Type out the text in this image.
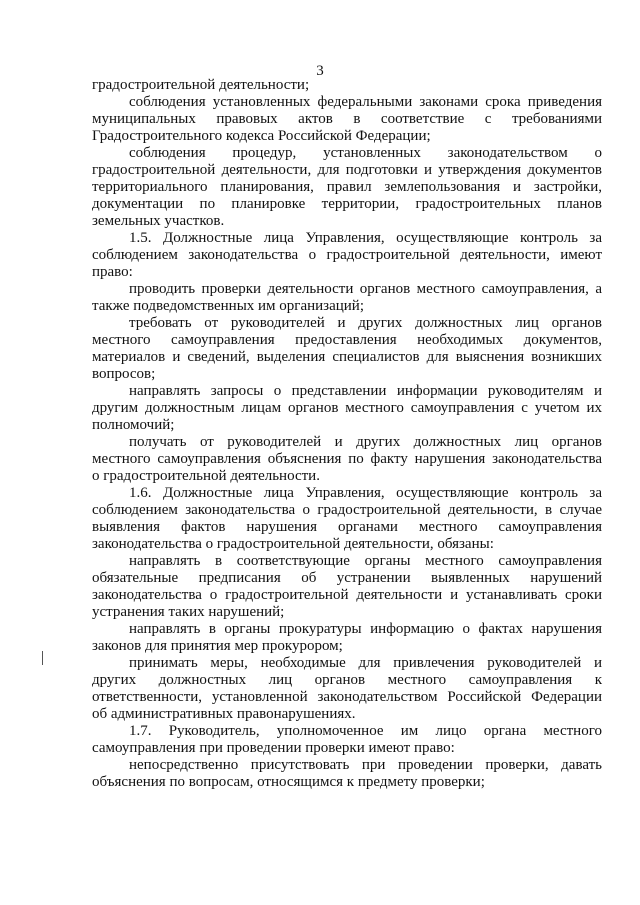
3
градостроительной деятельности;
соблюдения установленных федеральными законами срока приведения
муниципальных правовых актов в соответствие с требованиями
Градостроительного кодекса Российской Федерации;
соблюдения процедур, установленных законодательством о
градостроительной деятельности, для подготовки и утверждения документов
территориального планирования, правил землепользования и застройки,
документации по планировке территории, градостроительных планов
земельных участков.
1.5. Должностные лица Управления, осуществляющие контроль за
соблюдением законодательства о градостроительной деятельности, имеют
право:
проводить проверки деятельности органов местного самоуправления, а
также подведомственных им организаций;
требовать от руководителей и других должностных лиц органов
местного самоуправления предоставления необходимых документов,
материалов и сведений, выделения специалистов для выяснения возникших
вопросов;
направлять запросы о представлении информации руководителям и
другим должностным лицам органов местного самоуправления с учетом их
полномочий;
получать от руководителей и других должностных лиц органов
местного самоуправления объяснения по факту нарушения законодательства
о градостроительной деятельности.
1.6. Должностные лица Управления, осуществляющие контроль за
соблюдением законодательства о градостроительной деятельности, в случае
выявления фактов нарушения органами местного самоуправления
законодательства о градостроительной деятельности, обязаны:
направлять в соответствующие органы местного самоуправления
обязательные предписания об устранении выявленных нарушений
законодательства о градостроительной деятельности и устанавливать сроки
устранения таких нарушений;
направлять в органы прокуратуры информацию о фактах нарушения
законов для принятия мер прокурором;
принимать меры, необходимые для привлечения руководителей и
других должностных лиц органов местного самоуправления к
ответственности, установленной законодательством Российской Федерации
об административных правонарушениях.
1.7. Руководитель, уполномоченное им лицо органа местного
самоуправления при проведении проверки имеют право:
непосредственно присутствовать при проведении проверки, давать
объяснения по вопросам, относящимся к предмету проверки;
